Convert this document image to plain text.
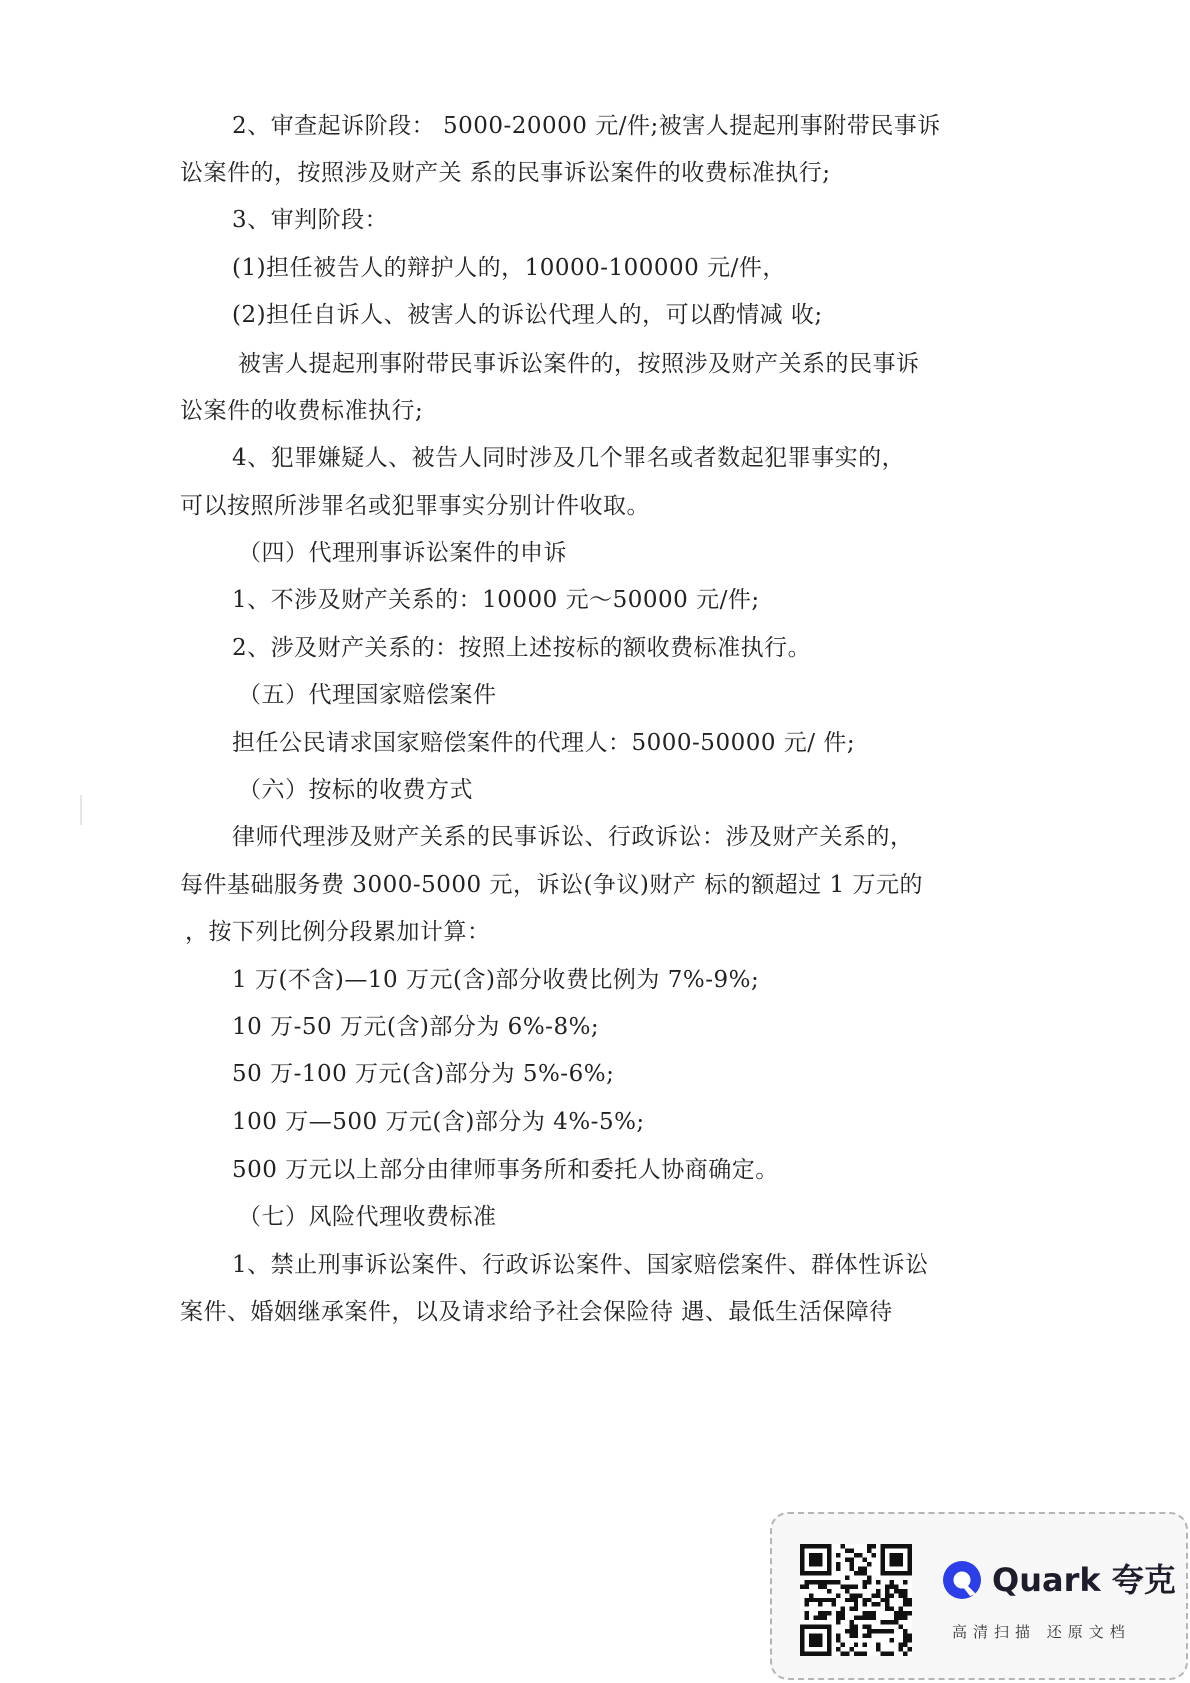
2、审查起诉阶段： 5000-20000 元/件;被害人提起刑事附带民事诉
讼案件的，按照涉及财产关 系的民事诉讼案件的收费标准执行;
3、审判阶段：
(1)担任被告人的辩护人的，10000-100000 元/件，
(2)担任自诉人、被害人的诉讼代理人的，可以酌情减 收;
被害人提起刑事附带民事诉讼案件的，按照涉及财产关系的民事诉
讼案件的收费标准执行;
4、犯罪嫌疑人、被告人同时涉及几个罪名或者数起犯罪事实的，
可以按照所涉罪名或犯罪事实分别计件收取。
（四）代理刑事诉讼案件的申诉
1、不涉及财产关系的：10000 元～50000 元/件;
2、涉及财产关系的：按照上述按标的额收费标准执行。
（五）代理国家赔偿案件
担任公民请求国家赔偿案件的代理人：5000-50000 元/ 件;
（六）按标的收费方式
律师代理涉及财产关系的民事诉讼、行政诉讼：涉及财产关系的，
每件基础服务费 3000-5000 元，诉讼(争议)财产 标的额超过 1 万元的
，按下列比例分段累加计算：
1 万(不含)—10 万元(含)部分收费比例为 7%-9%;
10 万-50 万元(含)部分为 6%-8%;
50 万-100 万元(含)部分为 5%-6%;
100 万—500 万元(含)部分为 4%-5%;
500 万元以上部分由律师事务所和委托人协商确定。
（七）风险代理收费标准
1、禁止刑事诉讼案件、行政诉讼案件、国家赔偿案件、群体性诉讼
案件、婚姻继承案件，以及请求给予社会保险待 遇、最低生活保障待
Quark 夸克
高清扫描 还原文档
